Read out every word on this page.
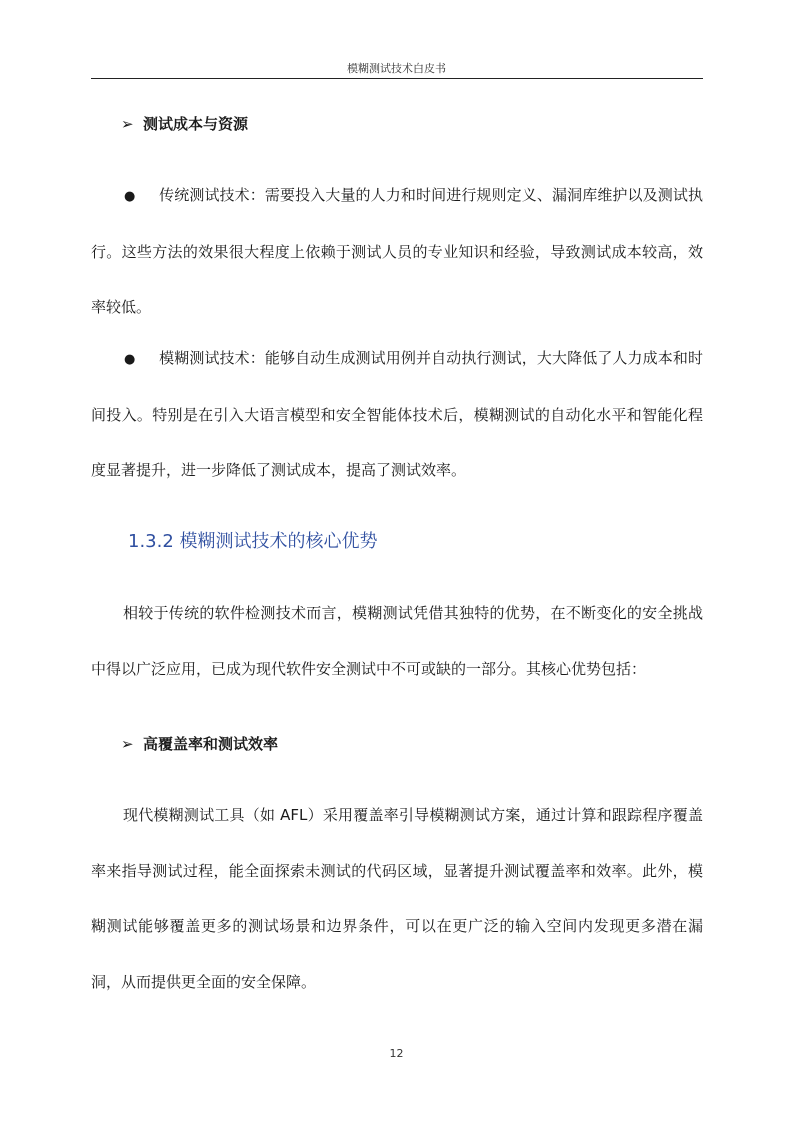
模糊测试技术白皮书
➢ 测试成本与资源
● 传统测试技术：需要投入大量的人力和时间进行规则定义、漏洞库维护以及测试执行。这些方法的效果很大程度上依赖于测试人员的专业知识和经验，导致测试成本较高，效率较低。
● 模糊测试技术：能够自动生成测试用例并自动执行测试，大大降低了人力成本和时间投入。特别是在引入大语言模型和安全智能体技术后，模糊测试的自动化水平和智能化程度显著提升，进一步降低了测试成本，提高了测试效率。
1.3.2 模糊测试技术的核心优势
相较于传统的软件检测技术而言，模糊测试凭借其独特的优势，在不断变化的安全挑战中得以广泛应用，已成为现代软件安全测试中不可或缺的一部分。其核心优势包括：
➢ 高覆盖率和测试效率
现代模糊测试工具（如 AFL）采用覆盖率引导模糊测试方案，通过计算和跟踪程序覆盖率来指导测试过程，能全面探索未测试的代码区域，显著提升测试覆盖率和效率。此外，模糊测试能够覆盖更多的测试场景和边界条件，可以在更广泛的输入空间内发现更多潜在漏洞，从而提供更全面的安全保障。
12
